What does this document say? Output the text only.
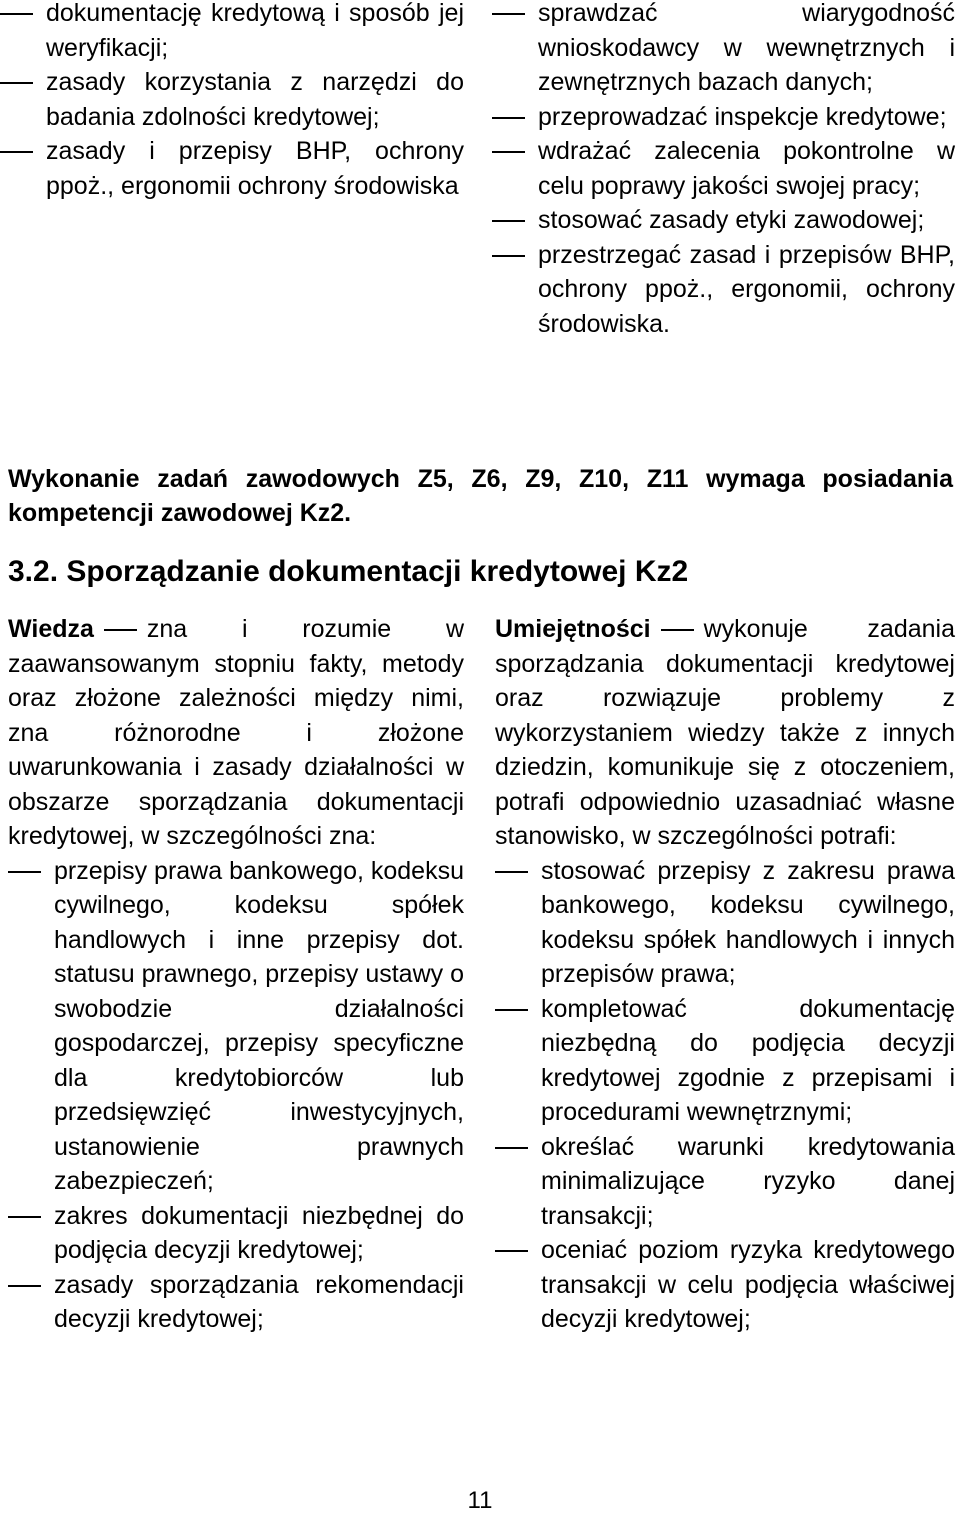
dokumentację kredytową i sposób jej weryfikacji;
zasady korzystania z narzędzi do badania zdolności kredytowej;
zasady i przepisy BHP, ochrony ppoż., ergonomii ochrony środowiska
sprawdzać wiarygodność wnioskodawcy w wewnętrznych i zewnętrznych bazach danych;
przeprowadzać inspekcje kredytowe;
wdrażać zalecenia pokontrolne w celu poprawy jakości swojej pracy;
stosować zasady etyki zawodowej;
przestrzegać zasad i przepisów BHP, ochrony ppoż., ergonomii, ochrony środowiska.
Wykonanie zadań zawodowych Z5, Z6, Z9, Z10, Z11 wymaga posiadania kompetencji zawodowej Kz2.
3.2. Sporządzanie dokumentacji kredytowej Kz2
Wiedza zna i rozumie w zaawansowanym stopniu fakty, metody oraz złożone zależności między nimi, zna różnorodne i złożone uwarunkowania i zasady działalności w obszarze sporządzania dokumentacji kredytowej, w szczególności zna:
przepisy prawa bankowego, kodeksu cywilnego, kodeksu spółek handlowych i inne przepisy dot. statusu prawnego, przepisy ustawy o swobodzie działalności gospodarczej, przepisy specyficzne dla kredytobiorców lub przedsięwzięć inwestycyjnych, ustanowienie prawnych zabezpieczeń;
zakres dokumentacji niezbędnej do podjęcia decyzji kredytowej;
zasady sporządzania rekomendacji decyzji kredytowej;
Umiejętności wykonuje zadania sporządzania dokumentacji kredytowej oraz rozwiązuje problemy z wykorzystaniem wiedzy także z innych dziedzin, komunikuje się z otoczeniem, potrafi odpowiednio uzasadniać własne stanowisko, w szczególności potrafi:
stosować przepisy z zakresu prawa bankowego, kodeksu cywilnego, kodeksu spółek handlowych i innych przepisów prawa;
kompletować dokumentację niezbędną do podjęcia decyzji kredytowej zgodnie z przepisami i procedurami wewnętrznymi;
określać warunki kredytowania minimalizujące ryzyko danej transakcji;
oceniać poziom ryzyka kredytowego transakcji w celu podjęcia właściwej decyzji kredytowej;
11
